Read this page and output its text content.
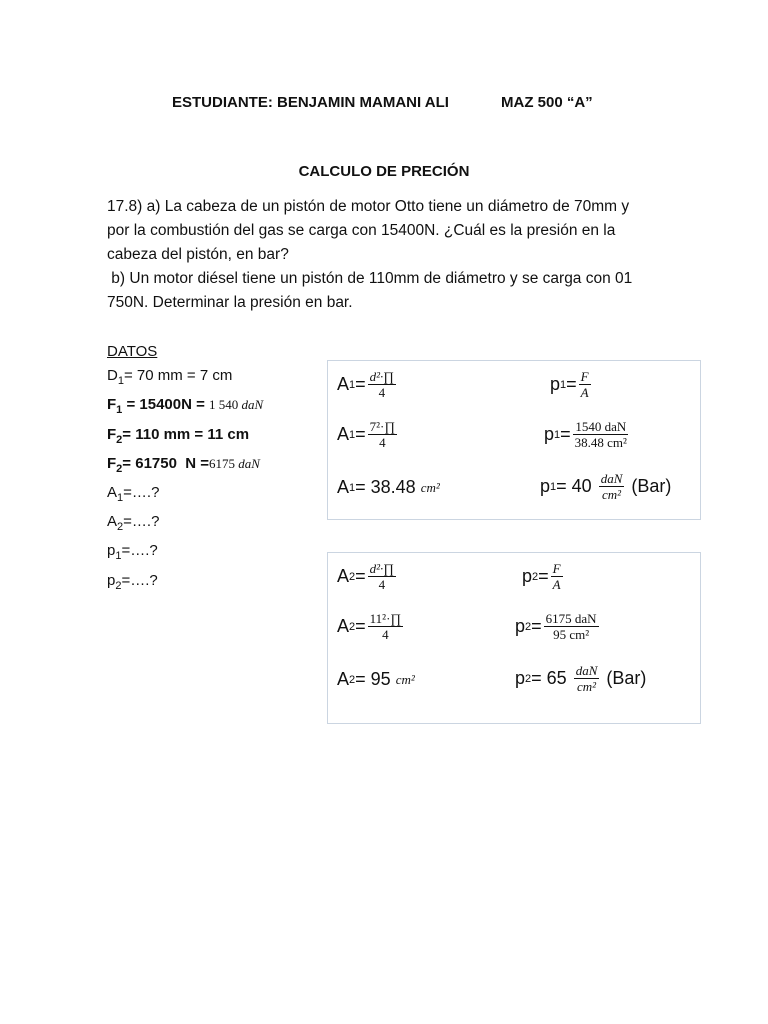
ESTUDIANTE: BENJAMIN MAMANI ALI	MAZ 500 “A”
CALCULO DE PRECIÓN

17.8) a) La cabeza de un pistón de motor Otto tiene un diámetro de 70mm y

por la combustión del gas se carga con 15400N. ¿Cuál es la presión en la

cabeza del pistón, en bar?

b) Un motor diésel tiene un pistón de 110mm de diámetro y se carga con 01

750N. Determinar la presión en bar.

DATOS
$D_1= 70$ mm = 7 cm
$F_1 = 15400N = 1$ 540 daN
$F_2= 110$ mm = 11 cm
$F_2= 61750$  N =6175 daN
$A_1=\dots$.?
$A_2=\dots$.?
$p_1=\dots$.?
$p_2=\dots$.?
A $1 = \frac{\text{d²·∏}}{4}$
A $1 = \frac{\text{7²·∏}}{4}$
A 1 = 38.48
cm²
p $1 = \frac{F}{A}$
p $1 = \frac{\text{1540 daN}}{\text{38.48 cm²}}$
p 1 = 40
$\frac{\text{daN}}{\text{cm²}}$
(Bar)
A $2 = \frac{\text{d²·∏}}{4}$
A $2 = \frac{\text{11²·∏}}{4}$
A 2 = 95
cm²
p $2 = \frac{F}{A}$
p $2 = \frac{\text{6175 daN}}{\text{95 cm²}}$
p 2 = 65
$\frac{\text{daN}}{\text{cm²}}$
(Bar)
